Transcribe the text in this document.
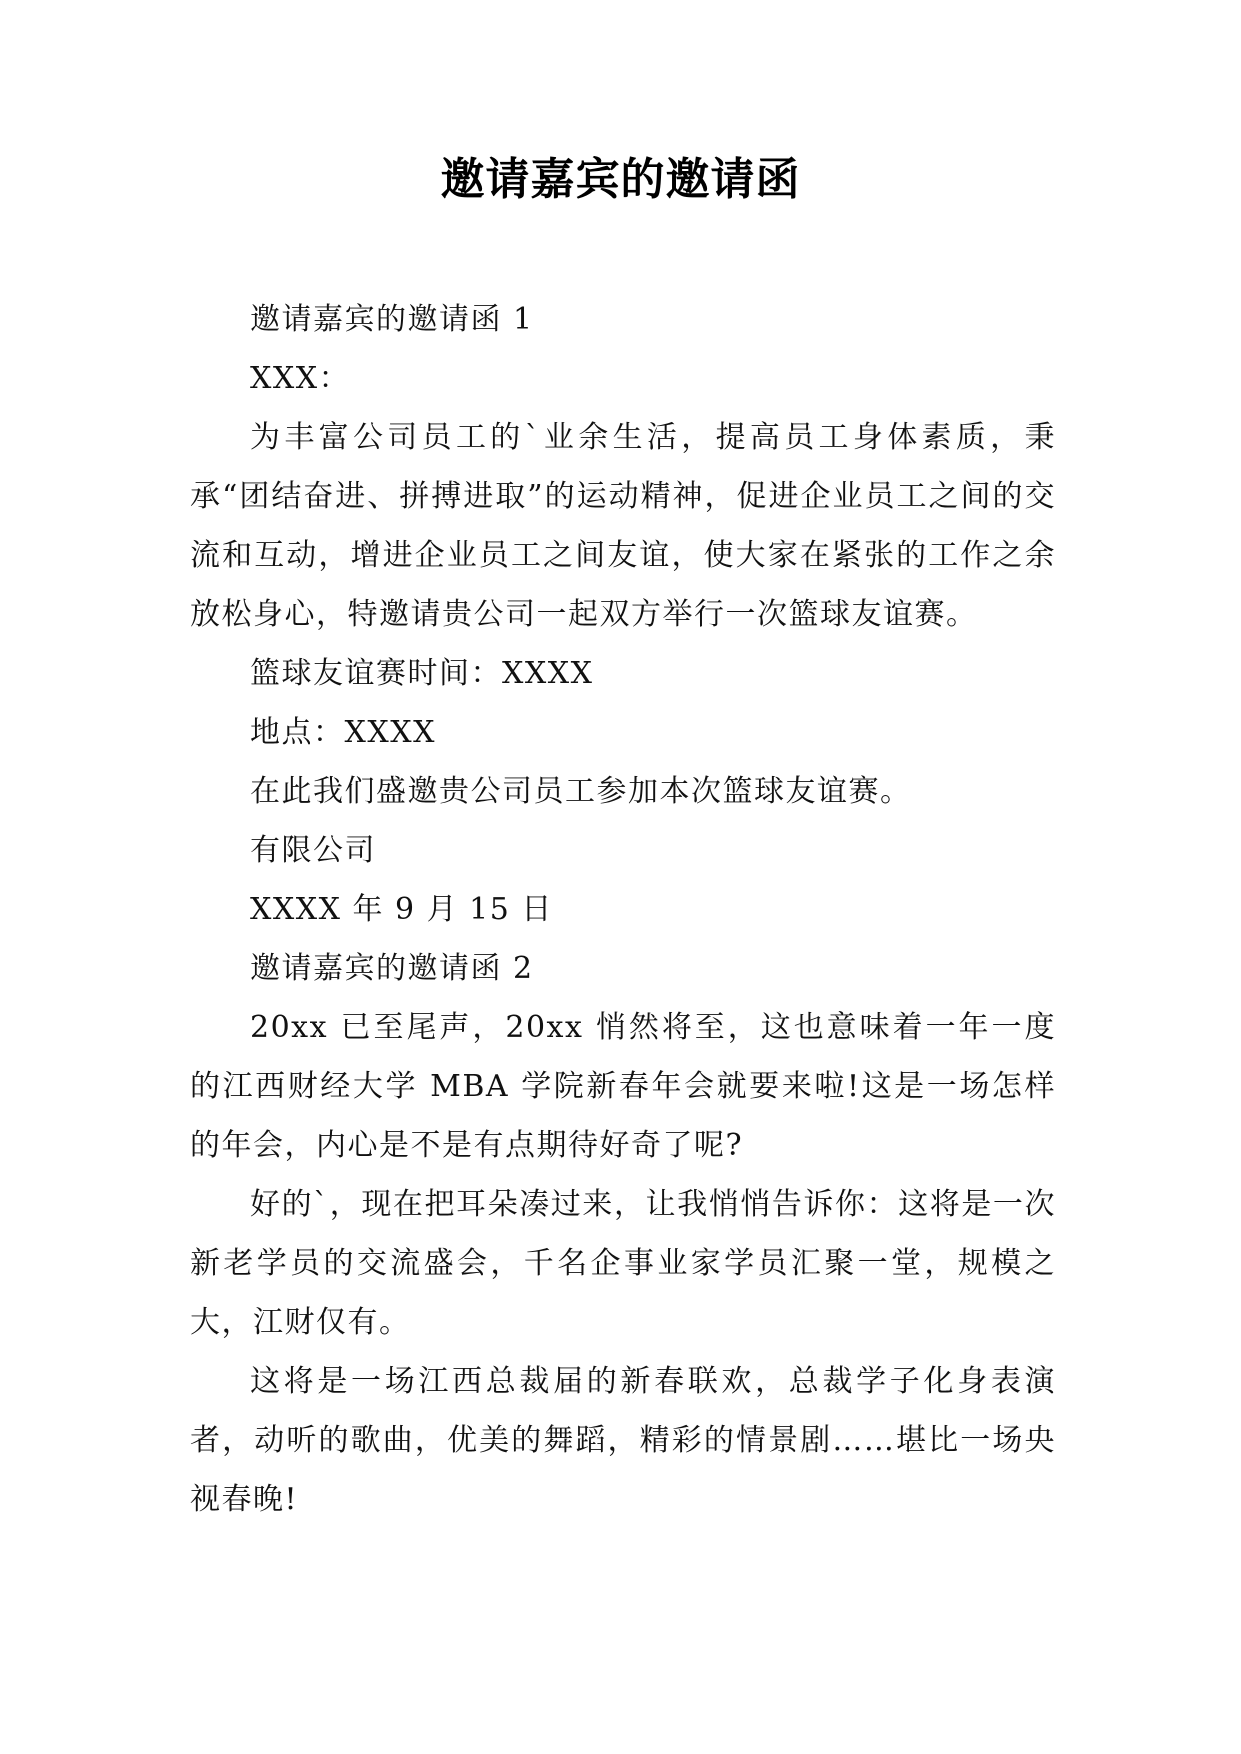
邀请嘉宾的邀请函

邀请嘉宾的邀请函 1

XXX：

为丰富公司员工的`业余生活，提高员工身体素质，秉承“团结奋进、拼搏进取”的运动精神，促进企业员工之间的交流和互动，增进企业员工之间友谊，使大家在紧张的工作之余放松身心，特邀请贵公司一起双方举行一次篮球友谊赛。

篮球友谊赛时间：XXXX

地点：XXXX

在此我们盛邀贵公司员工参加本次篮球友谊赛。

有限公司

XXXX 年 9 月 15 日

邀请嘉宾的邀请函 2

20xx 已至尾声，20xx 悄然将至，这也意味着一年一度的江西财经大学 MBA 学院新春年会就要来啦!这是一场怎样的年会，内心是不是有点期待好奇了呢?

好的`，现在把耳朵凑过来，让我悄悄告诉你：这将是一次新老学员的交流盛会，千名企事业家学员汇聚一堂，规模之大，江财仅有。

这将是一场江西总裁届的新春联欢，总裁学子化身表演者，动听的歌曲，优美的舞蹈，精彩的情景剧……堪比一场央视春晚!
